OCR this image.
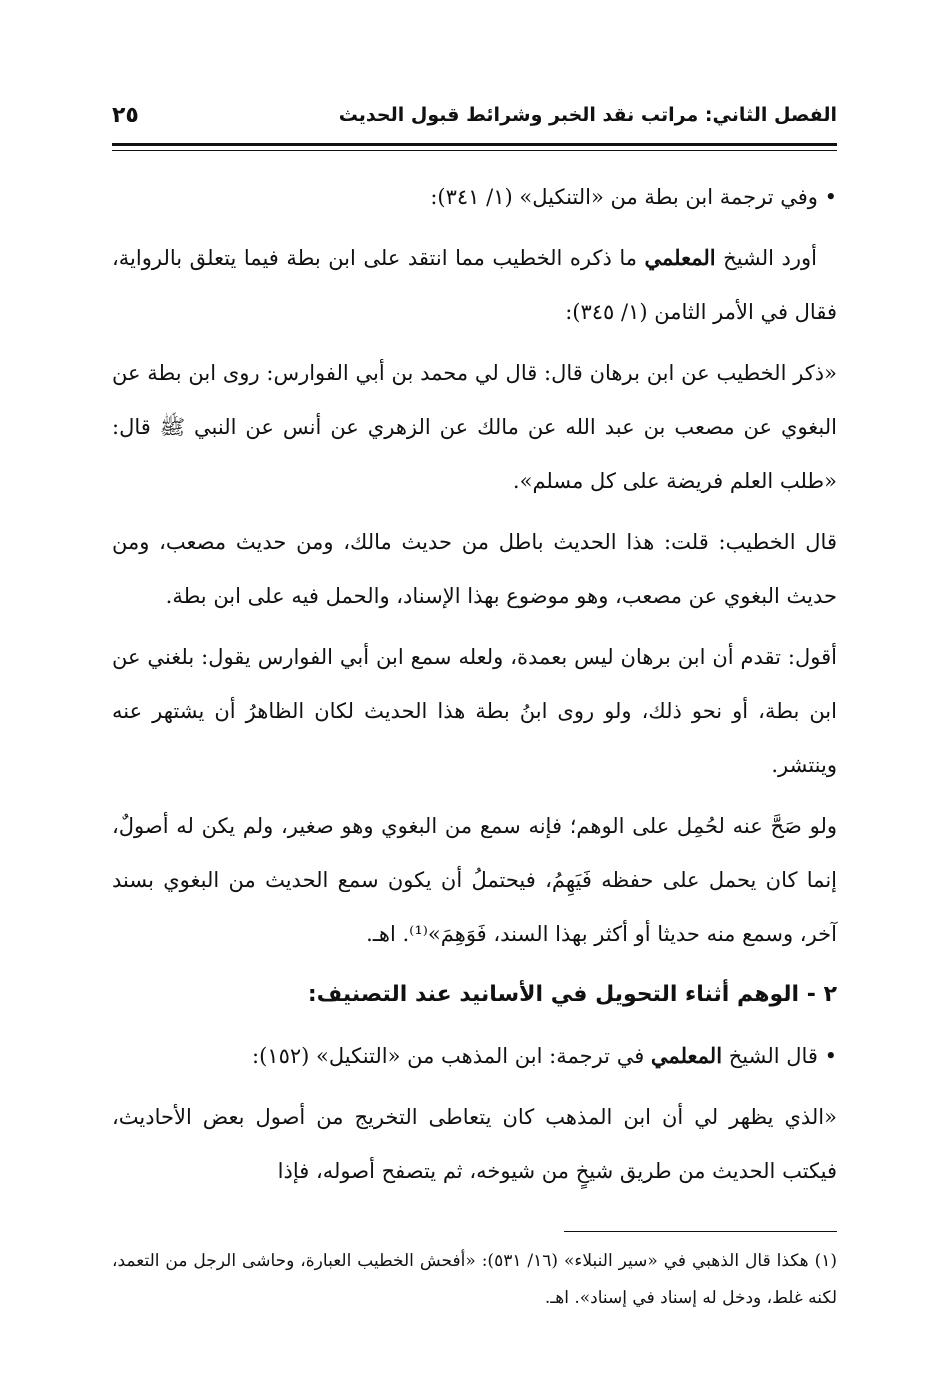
الفصل الثاني: مراتب نقد الخبر وشرائط قبول الحديث
٢٥

• وفي ترجمة ابن بطة من «التنكيل» (١/ ٣٤١):

أورد الشيخ المعلمي ما ذكره الخطيب مما انتقد على ابن بطة فيما يتعلق بالرواية، فقال في الأمر الثامن (١/ ٣٤٥):

«ذكر الخطيب عن ابن برهان قال: قال لي محمد بن أبي الفوارس: روى ابن بطة عن البغوي عن مصعب بن عبد الله عن مالك عن الزهري عن أنس عن النبي ﷺ قال: «طلب العلم فريضة على كل مسلم».

قال الخطيب: قلت: هذا الحديث باطل من حديث مالك، ومن حديث مصعب، ومن حديث البغوي عن مصعب، وهو موضوع بهذا الإسناد، والحمل فيه على ابن بطة.

أقول: تقدم أن ابن برهان ليس بعمدة، ولعله سمع ابن أبي الفوارس يقول: بلغني عن ابن بطة، أو نحو ذلك، ولو روى ابنُ بطة هذا الحديث لكان الظاهرُ أن يشتهر عنه وينتشر.

ولو صَحَّ عنه لحُمِل على الوهم؛ فإنه سمع من البغوي وهو صغير، ولم يكن له أصولٌ، إنما كان يحمل على حفظه فَيَهِمُ، فيحتملُ أن يكون سمع الحديث من البغوي بسند آخر، وسمع منه حديثا أو أكثر بهذا السند، فَوَهِمَ»⁽¹⁾. اهـ.

٢ - الوهم أثناء التحويل في الأسانيد عند التصنيف:

• قال الشيخ المعلمي في ترجمة: ابن المذهب من «التنكيل» (١٥٢):

«الذي يظهر لي أن ابن المذهب كان يتعاطى التخريج من أصول بعض الأحاديث، فيكتب الحديث من طريق شيخٍ من شيوخه، ثم يتصفح أصوله، فإذا

(١) هكذا قال الذهبي في «سير النبلاء» (١٦/ ٥٣١): «أفحش الخطيب العبارة، وحاشى الرجل من التعمد، لكنه غلط، ودخل له إسناد في إسناد». اهـ.
